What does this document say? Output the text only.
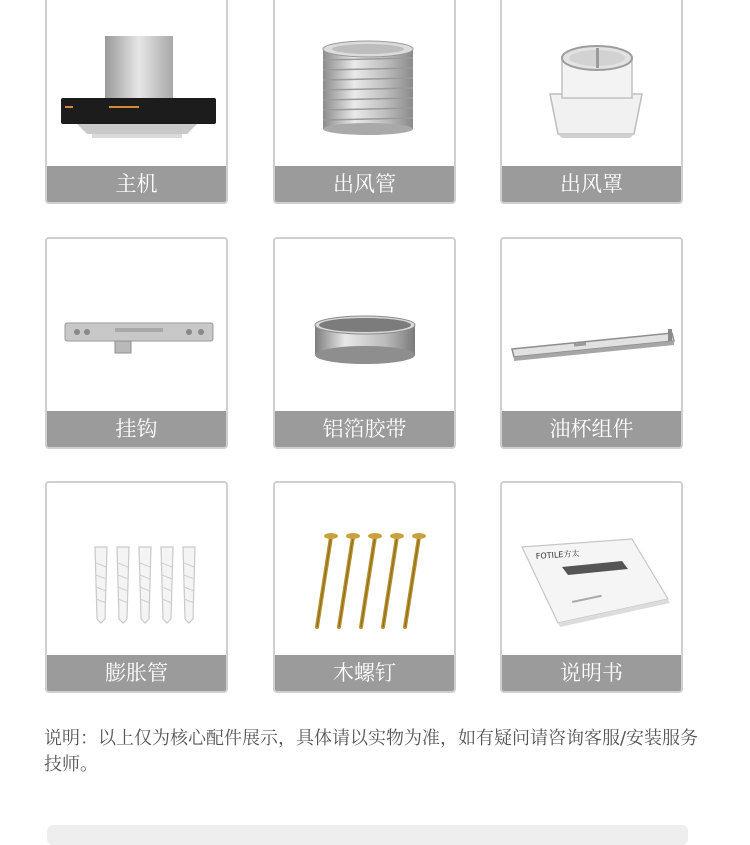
主机	出风管	出风罩
挂钩	铝箔胶带	油杯组件
膨胀管	木螺钉
FOTILE方太
说明书
说明：以上仅为核心配件展示，具体请以实物为准，如有疑问请咨询客服/安装服务技师。
